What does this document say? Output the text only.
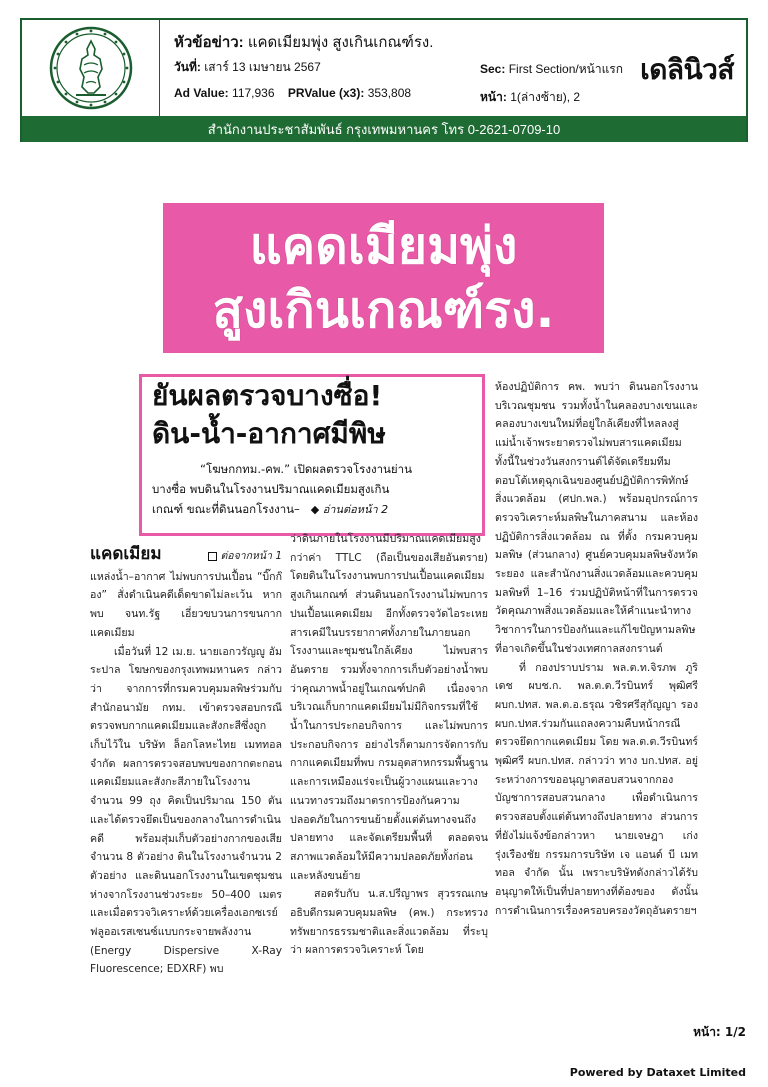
หัวข้อข่าว: แคดเมียมพุ่ง สูงเกินเกณฑ์รง.
วันที่: เสาร์ 13 เมษายน 2567	Sec: First Section/หน้าแรก
Ad Value: 117,936 PRValue (x3): 353,808	หน้า: 1(ล่างซ้าย), 2
เดลินิวส์
สำนักงานประชาสัมพันธ์ กรุงเทพมหานคร โทร 0-2621-0709-10
แคดเมียมพุ่ง
สูงเกินเกณฑ์รง.
ยันผลตรวจบางซื่อ!
ดิน-น้ำ-อากาศมีพิษ
“โฆษกกทม.-คพ.” เปิดผลตรวจโรงงานย่าน
บางซื่อ พบดินในโรงงานปริมาณแคดเมียมสูงเกิน
เกณฑ์ ขณะที่ดินนอกโรงงาน– ◆ อ่านต่อหน้า 2
แคดเมียม	ต่อจากหน้า 1

แหล่งน้ำ–อากาศ ไม่พบการปนเปื้อน “บิ๊กก๊อง” สั่งดำเนินคดีเด็ดขาดไม่ละเว้น หากพบ จนท.รัฐ เอี่ยวขบวนการขนกากแคดเมียม

เมื่อวันที่ 12 เม.ย. นายเอกวรัญญู อัมระปาล โฆษกของกรุงเทพมหานคร กล่าวว่า จากการที่กรมควบคุมมลพิษร่วมกับ สำนักอนามัย กทม. เข้าตรวจสอบกรณีตรวจพบกากแคดเมียมและสังกะสีซึ่งถูกเก็บไว้ใน บริษัท ล็อกโลหะไทย เมททอล จำกัด ผลการตรวจสอบพบของกากตะกอนแคดเมียมและสังกะสีภายในโรงงานจำนวน 99 ถุง คิดเป็นปริมาณ 150 ตัน และได้ตรวจยึดเป็นของกลางในการดำเนินคดี พร้อมสุ่มเก็บตัวอย่างกากของเสียจำนวน 8 ตัวอย่าง ดินในโรงงานจำนวน 2 ตัวอย่าง และดินนอกโรงงานในเขตชุมชน ห่างจากโรงงานช่วงระยะ 50–400 เมตร และเมื่อตรวจวิเคราะห์ด้วยเครื่องเอกซเรย์ฟลูออเรสเซนซ์แบบกระจายพลังงาน (Energy Dispersive X-Ray Fluorescence; EDXRF) พบ

ว่าดินภายในโรงงานมีปริมาณแคดเมียมสูงกว่าค่า TTLC (ถือเป็นของเสียอันตราย) โดยดินในโรงงานพบการปนเปื้อนแคดเมียมสูงเกินเกณฑ์ ส่วนดินนอกโรงงานไม่พบการปนเปื้อนแคดเมียม อีกทั้งตรวจวัดไอระเหยสารเคมีในบรรยากาศทั้งภายในภายนอกโรงงานและชุมชนใกล้เคียง ไม่พบสารอันตราย รวมทั้งจากการเก็บตัวอย่างน้ำพบว่าคุณภาพน้ำอยู่ในเกณฑ์ปกติ เนื่องจากบริเวณเก็บกากแคดเมียมไม่มีกิจกรรมที่ใช้น้ำในการประกอบกิจการ และไม่พบการประกอบกิจการ อย่างไรก็ตามการจัดการกับกากแคดเมียมที่พบ กรมอุตสาหกรรมพื้นฐานและการเหมืองแร่จะเป็นผู้วางแผนและวางแนวทางรวมถึงมาตรการป้องกันความปลอดภัยในการขนย้ายตั้งแต่ต้นทางจนถึงปลายทาง และจัดเตรียมพื้นที่ ตลอดจนสภาพแวดล้อมให้มีความปลอดภัยทั้งก่อนและหลังขนย้าย

สอดรับกับ น.ส.ปรีญาพร สุวรรณเกษ อธิบดีกรมควบคุมมลพิษ (คพ.) กระทรวงทรัพยากรธรรมชาติและสิ่งแวดล้อม ที่ระบุว่า ผลการตรวจวิเคราะห์ โดย

ห้องปฏิบัติการ คพ. พบว่า ดินนอกโรงงานบริเวณชุมชน รวมทั้งน้ำในคลองบางเขนและคลองบางเขนใหม่ที่อยู่ใกล้เคียงที่ไหลลงสู่แม่น้ำเจ้าพระยาตรวจไม่พบสารแคดเมียม ทั้งนี้ในช่วงวันสงกรานต์ได้จัดเตรียมทีมตอบโต้เหตุฉุกเฉินของศูนย์ปฏิบัติการพิทักษ์สิ่งแวดล้อม (ศปก.พล.) พร้อมอุปกรณ์การตรวจวิเคราะห์มลพิษในภาคสนาม และห้องปฏิบัติการสิ่งแวดล้อม ณ ที่ตั้ง กรมควบคุมมลพิษ (ส่วนกลาง) ศูนย์ควบคุมมลพิษจังหวัดระยอง และสำนักงานสิ่งแวดล้อมและควบคุมมลพิษที่ 1–16 ร่วมปฏิบัติหน้าที่ในการตรวจวัดคุณภาพสิ่งแวดล้อมและให้คำแนะนำทางวิชาการในการป้องกันและแก้ไขปัญหามลพิษที่อาจเกิดขึ้นในช่วงเทศกาลสงกรานต์

ที่ กองปราบปราม พล.ต.ท.จิรภพ ภูริเดช ผบช.ก. พล.ต.ต.วีรบินทร์ พุฒิศรี ผบก.ปทส. พล.ต.อ.ธรุณ วชิรศรีสุกัญญา รอง ผบก.ปทส.ร่วมกันแถลงความคืบหน้ากรณีตรวจยึดกากแคดเมียม โดย พล.ต.ต.วีรบินทร์ พุฒิศรี ผบก.ปทส. กล่าวว่า ทาง บก.ปทส. อยู่ระหว่างการขออนุญาตสอบสวนจากกองบัญชาการสอบสวนกลาง เพื่อดำเนินการตรวจสอบตั้งแต่ต้นทางถึงปลายทาง ส่วนการที่ยังไม่แจ้งข้อกล่าวหา นายเจษฎา เก่งรุ่งเรืองชัย กรรมการบริษัท เจ แอนด์ บี เมททอล จำกัด นั้น เพราะบริษัทดังกล่าวได้รับอนุญาตให้เป็นที่ปลายทางที่ต้องของ ดังนั้นการดำเนินการเรื่องครอบครองวัตถุอันตรายฯ

หน้า: 1/2
Powered by Dataxet Limited
